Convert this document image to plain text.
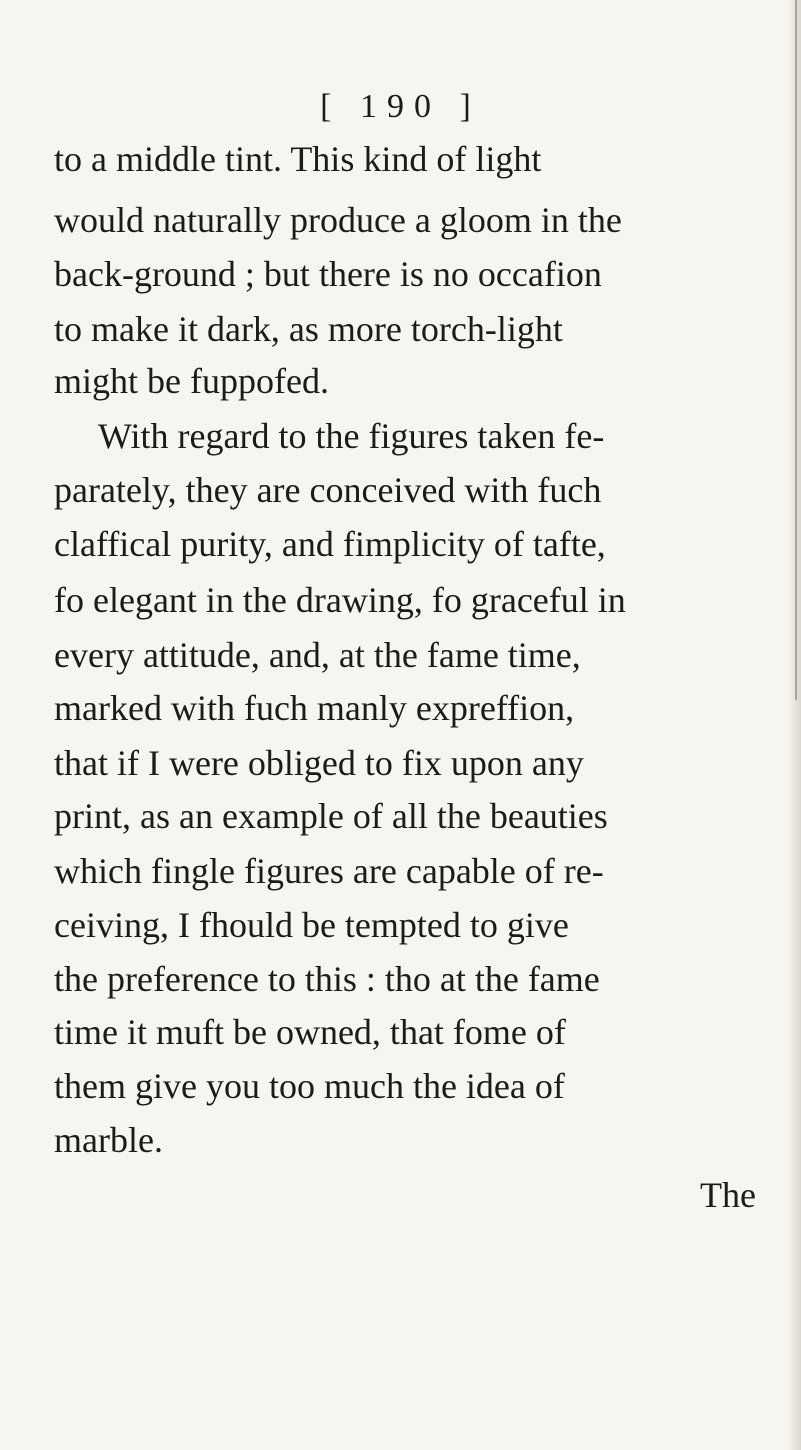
[ 190 ]
to a middle tint. This kind of light
would naturally produce a gloom in the
back-ground ; but there is no occafion
to make it dark, as more torch-light
might be fuppofed.
With regard to the figures taken fe-
parately, they are conceived with fuch
claffical purity, and fimplicity of tafte,
fo elegant in the drawing, fo graceful in
every attitude, and, at the fame time,
marked with fuch manly expreffion,
that if I were obliged to fix upon any
print, as an example of all the beauties
which fingle figures are capable of re-
ceiving, I fhould be tempted to give
the preference to this : tho at the fame
time it muft be owned, that fome of
them give you too much the idea of
marble.
The
